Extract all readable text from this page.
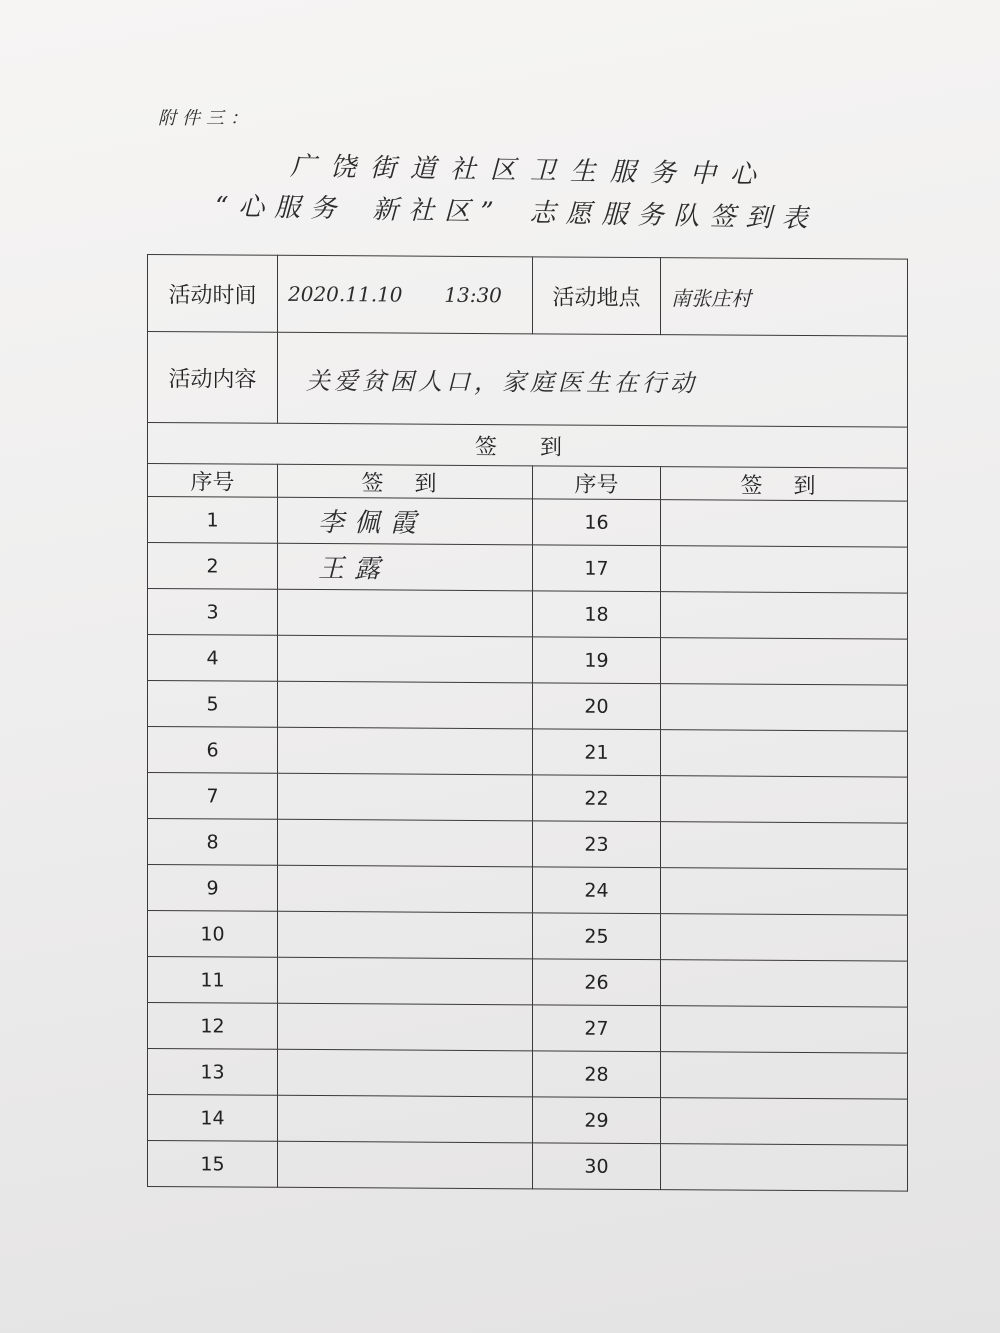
附件三：
广饶街道社区卫生服务中心
“心服务 新社区” 志愿服务队签到表
活动时间	2020.11.10 13:30	活动地点	南张庄村
活动内容	关爱贫困人口，家庭医生在行动		
签 到			
序号	签 到	序号	签 到
1	李佩霞	16	
2	王露	17	
3		18	
4		19	
5		20	
6		21	
7		22	
8		23	
9		24	
10		25	
11		26	
12		27	
13		28	
14		29	
15		30	
